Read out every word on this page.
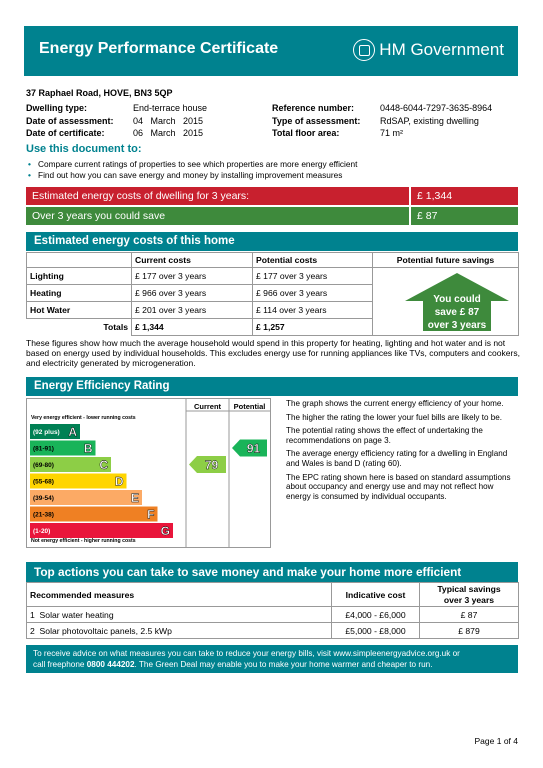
Energy Performance Certificate	HM Government
37 Raphael Road, HOVE, BN3 5QP
Dwelling type:	End-terrace house	Reference number:	0448-6044-7297-3635-8964
Date of assessment: 04   March   2015	Type of assessment: RdSAP, existing dwelling
Date of certificate:	06   March   2015	Total floor area:	71 m²
Use this document to:
• Compare current ratings of properties to see which properties are more energy efficient
• Find out how you can save energy and money by installing improvement measures
Estimated energy costs of dwelling for 3 years:	£ 1,344
Over 3 years you could save	£ 87
Estimated energy costs of this home
	Current costs	Potential costs	Potential future savings
Lighting	£ 177 over 3 years	£ 177 over 3 years	
Heating	£ 966 over 3 years	£ 966 over 3 years	
Hot Water	£ 201 over 3 years	£ 114 over 3 years	
Totals	£ 1,344	£ 1,257	
You could
save £ 87
over 3 years
These figures show how much the average household would spend in this property for heating, lighting and hot water and is not based on energy used by individual households. This excludes energy use for running appliances like TVs, computers and cookers, and electricity generated by microgeneration.
Energy Efficiency Rating
Current Potential
Very energy efficient - lower running costs
Not energy efficient - higher running costs
(92 plus) A
(81-91) B
(69-80)	C
(55-68)	D
(39-54)	E
(21-38)	F
(1-20)	G
79
91

The graph shows the current energy efficiency of your home.

The higher the rating the lower your fuel bills are likely to be.

The potential rating shows the effect of undertaking the recommendations on page 3.

The average energy efficiency rating for a dwelling in England and Wales is band D (rating 60).

The EPC rating shown here is based on standard assumptions about occupancy and energy use and may not reflect how energy is consumed by individual occupants.

Top actions you can take to save money and make your home more efficient
Recommended measures	Indicative cost	Typical savings
over 3 years

1  Solar water heating	£4,000 - £6,000	£ 87
2  Solar photovoltaic panels, 2.5 kWp	£5,000 - £8,000	£ 879
To receive advice on what measures you can take to reduce your energy bills, visit www.simpleenergyadvice.org.uk or
call freephone 0800 444202. The Green Deal may enable you to make your home warmer and cheaper to run.
Page 1 of 4
